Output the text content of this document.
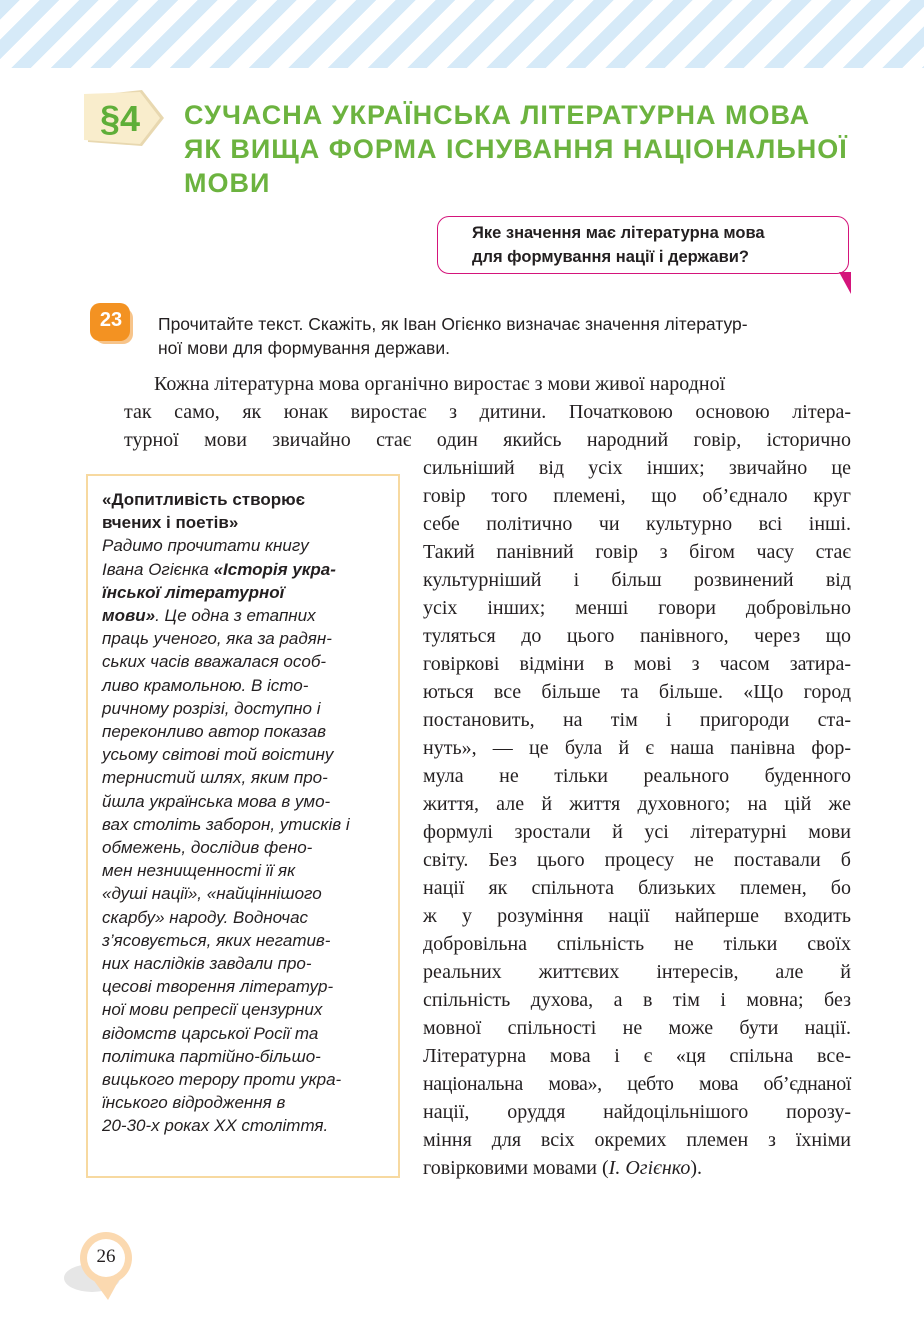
§4	СУЧАСНА УКРАЇНСЬКА ЛІТЕРАТУРНА МОВА
ЯК ВИЩА ФОРМА ІСНУВАННЯ НАЦІОНАЛЬНОЇ
МОВИ
Яке значення має літературна мова
для формування нації і держави?
23	Прочитайте текст. Скажіть, як Іван Огієнко визначає значення літератур-
ної мови для формування держави.
Кожна літературна мова органічно виростає з мови живої народної
так само, як юнак виростає з дитини. Початковою основою літера-
турної мови звичайно стає один якийсь народний говір, історично
сильніший від усіх інших; звичайно це
говір того племені, що об’єднало круг
себе політично чи культурно всі інші.
Такий панівний говір з бігом часу стає
культурніший і більш розвинений від
усіх інших; менші говори добровільно
туляться до цього панівного, через що
говіркові відміни в мові з часом затира-
ються все більше та більше. «Що город
постановить, на тім і пригороди ста-
нуть», — це була й є наша панівна фор-
мула не тільки реального буденного
життя, але й життя духовного; на цій же
формулі зростали й усі літературні мови
світу. Без цього процесу не поставали б
нації як спільнота близьких племен, бо
ж у розуміння нації найперше входить
добровільна спільність не тільки своїх
реальних життєвих інтересів, але й
спільність духова, а в тім і мовна; без
мовної спільності не може бути нації.
Літературна мова і є «ця спільна все-
національна мова», цебто мова об’єднаної
нації, оруддя найдоцільнішого порозу-
міння для всіх окремих племен з їхніми
говірковими мовами (І. Огієнко).
«Допитливість створює
вчених і поетів»
Радимо прочитати книгу
Івана Огієнка «Історія укра-
їнської літературної
мови». Це одна з етапних
праць ученого, яка за радян-
ських часів вважалася особ-
ливо крамольною. В істо-
ричному розрізі, доступно і
переконливо автор показав
усьому світові той воістину
тернистий шлях, яким про-
йшла українська мова в умо-
вах століть заборон, утисків і
обмежень, дослідив фено-
мен незнищенності її як
«душі нації», «найціннішого
скарбу» народу. Водночас
з’ясовується, яких негатив-
них наслідків завдали про-
цесові творення літератур-
ної мови репресії цензурних
відомств царської Росії та
політика партійно-більшо-
вицького терору проти укра-
їнського відродження в
20-30-х роках XX століття.
26
